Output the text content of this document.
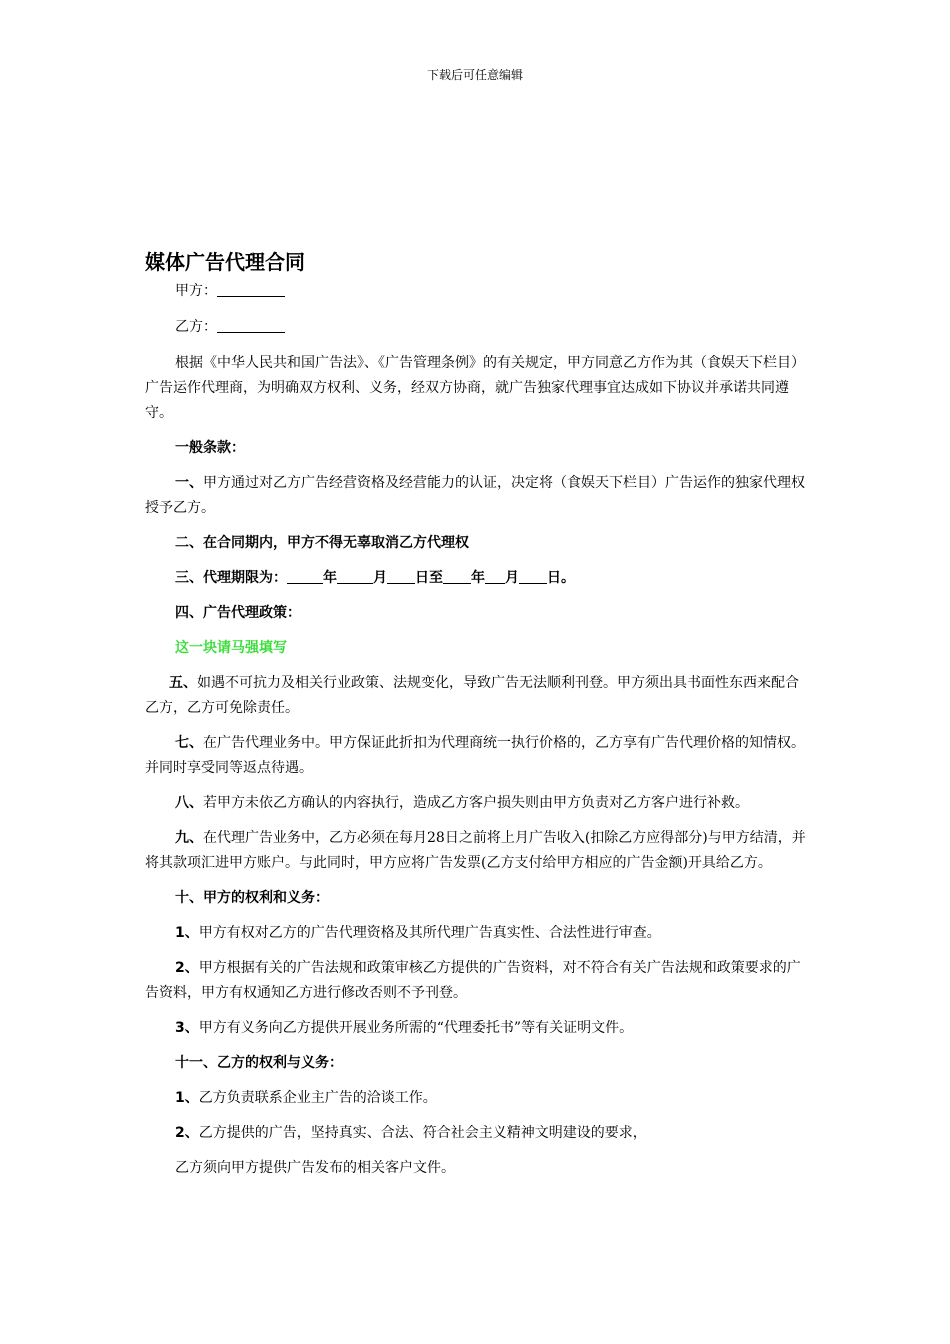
下载后可任意编辑
媒体广告代理合同

甲方：

乙方：

根据《中华人民共和国广告法》、《广告管理条例》的有关规定，甲方同意乙方作为其（食娱天下栏目）广告运作代理商，为明确双方权利、义务，经双方协商，就广告独家代理事宜达成如下协议并承诺共同遵守。

一般条款：

一、甲方通过对乙方广告经营资格及经营能力的认证，决定将（食娱天下栏目）广告运作的独家代理权授予乙方。

二、在合同期内，甲方不得无辜取消乙方代理权

三、代理期限为：	年	月 日至 年 月 日。

四、广告代理政策：

这一块请马强填写

五、如遇不可抗力及相关行业政策、法规变化，导致广告无法顺利刊登。甲方须出具书面性东西来配合乙方，乙方可免除责任。

七、在广告代理业务中。甲方保证此折扣为代理商统一执行价格的，乙方享有广告代理价格的知情权。并同时享受同等返点待遇。

八、若甲方未依乙方确认的内容执行，造成乙方客户损失则由甲方负责对乙方客户进行补救。

九、在代理广告业务中，乙方必须在每月28日之前将上月广告收入(扣除乙方应得部分)与甲方结清，并将其款项汇进甲方账户。与此同时，甲方应将广告发票(乙方支付给甲方相应的广告金额)开具给乙方。

十、甲方的权利和义务：

1、甲方有权对乙方的广告代理资格及其所代理广告真实性、合法性进行审查。

2、甲方根据有关的广告法规和政策审核乙方提供的广告资料，对不符合有关广告法规和政策要求的广告资料，甲方有权通知乙方进行修改否则不予刊登。

3、甲方有义务向乙方提供开展业务所需的“代理委托书”等有关证明文件。

十一、乙方的权利与义务：

1、乙方负责联系企业主广告的洽谈工作。

2、乙方提供的广告，坚持真实、合法、符合社会主义精神文明建设的要求，

乙方须向甲方提供广告发布的相关客户文件。
